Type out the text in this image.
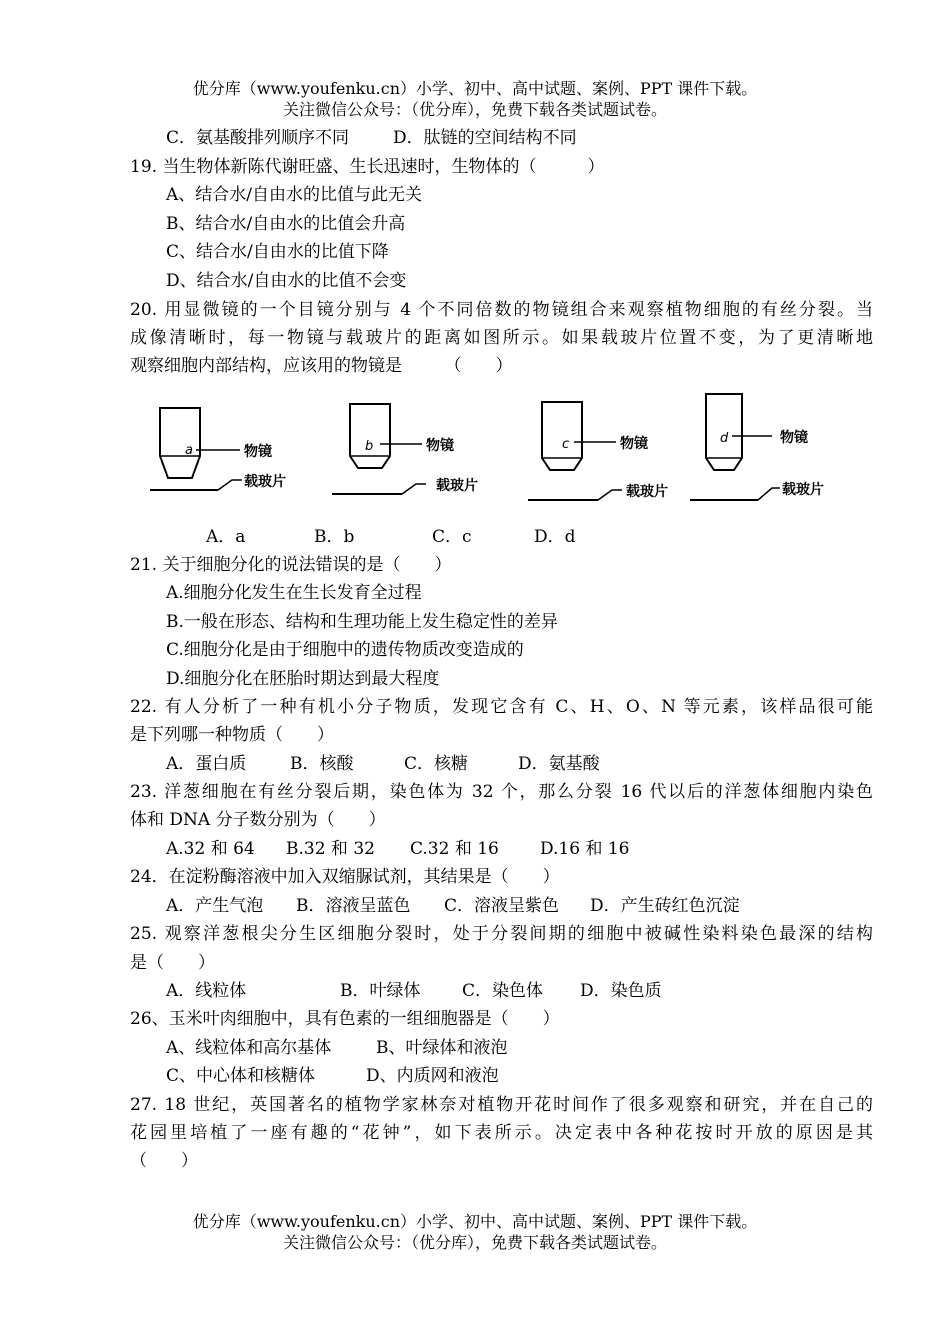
优分库（www.youfenku.cn）小学、初中、高中试题、案例、PPT 课件下载。
关注微信公众号：（优分库），免费下载各类试题试卷。
C．氨基酸排列顺序不同	D．肽链的空间结构不同
19. 当生物体新陈代谢旺盛、生长迅速时，生物体的（　　　）
A、结合水/自由水的比值与此无关
B、结合水/自由水的比值会升高
C、结合水/自由水的比值下降
D、结合水/自由水的比值不会变
20. 用显微镜的一个目镜分别与 4 个不同倍数的物镜组合来观察植物细胞的有丝分裂。当
成像清晰时，每一物镜与载玻片的距离如图所示。如果载玻片位置不变，为了更清晰地
观察细胞内部结构，应该用的物镜是　　　（　　）
a	物镜
载玻片
b	物镜
载玻片
c	物镜
载玻片
d	物镜
载玻片
A．a	B．b	C．c	D．d
21. 关于细胞分化的说法错误的是（　　）
A.细胞分化发生在生长发育全过程
B.一般在形态、结构和生理功能上发生稳定性的差异
C.细胞分化是由于细胞中的遗传物质改变造成的
D.细胞分化在胚胎时期达到最大程度
22. 有人分析了一种有机小分子物质，发现它含有 C、H、O、N 等元素，该样品很可能
是下列哪一种物质（　　）
A．蛋白质	B．核酸	C．核糖	D．氨基酸
23. 洋葱细胞在有丝分裂后期，染色体为 32 个，那么分裂 16 代以后的洋葱体细胞内染色
体和 DNA 分子数分别为（　　）
A.32 和 64 B.32 和 32 C.32 和 16 D.16 和 16
24．在淀粉酶溶液中加入双缩脲试剂，其结果是（　　）
A．产生气泡 B．溶液呈蓝色 C．溶液呈紫色 D．产生砖红色沉淀
25. 观察洋葱根尖分生区细胞分裂时，处于分裂间期的细胞中被碱性染料染色最深的结构
是（　　）
A．线粒体	B．叶绿体 C．染色体 D．染色质
26、玉米叶肉细胞中，具有色素的一组细胞器是（　　）
A、线粒体和高尔基体	B、叶绿体和液泡
C、中心体和核糖体	D、内质网和液泡
27. 18 世纪，英国著名的植物学家林奈对植物开花时间作了很多观察和研究，并在自己的
花园里培植了一座有趣的“花钟”，如下表所示。决定表中各种花按时开放的原因是其
（　　）
优分库（www.youfenku.cn）小学、初中、高中试题、案例、PPT 课件下载。
关注微信公众号：（优分库），免费下载各类试题试卷。
